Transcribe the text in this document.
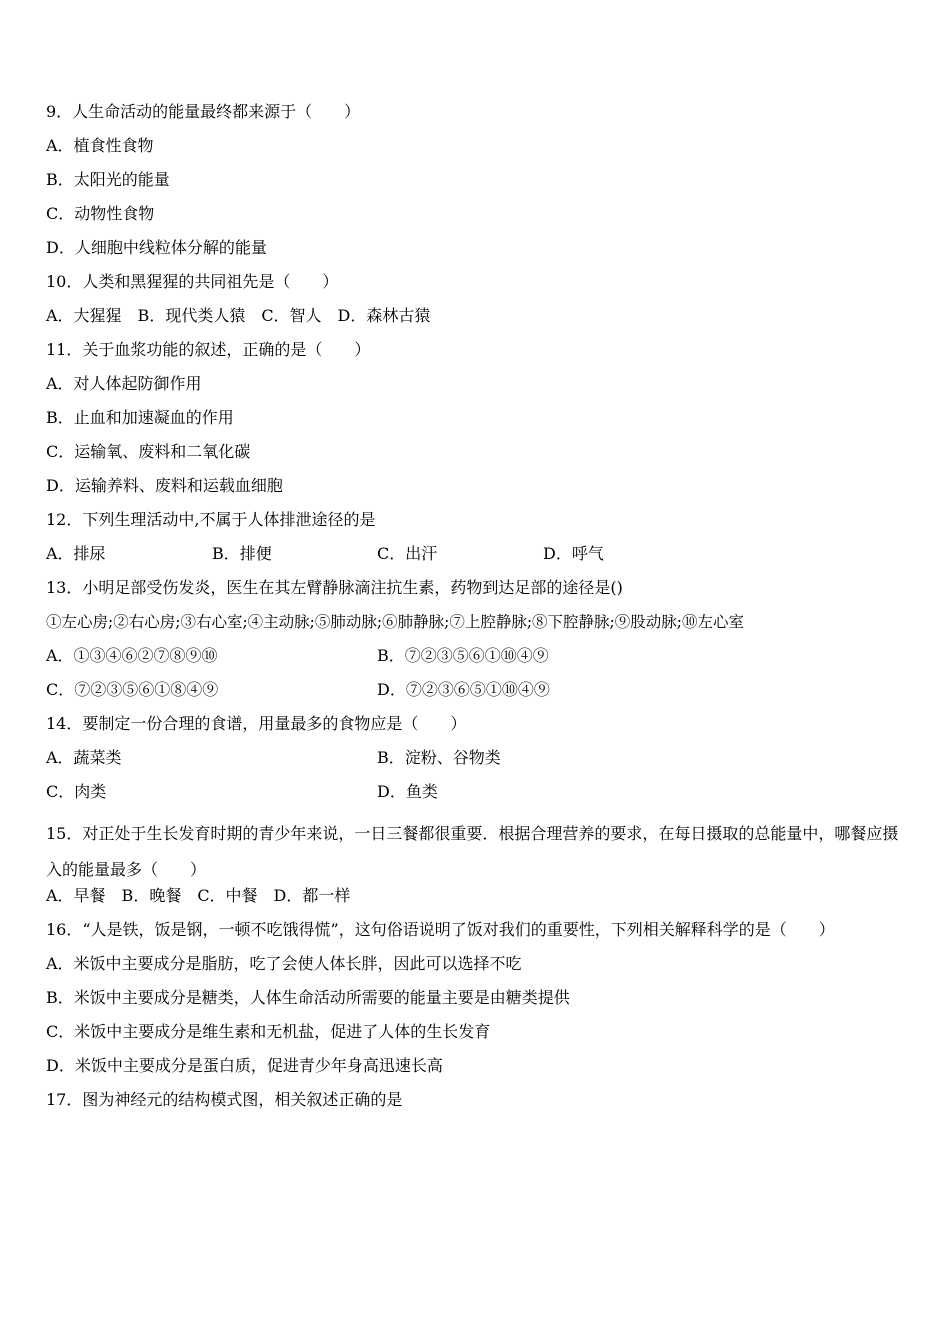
9．人生命活动的能量最终都来源于（　　）
A．植食性食物
B．太阳光的能量
C．动物性食物
D．人细胞中线粒体分解的能量
10．人类和黑猩猩的共同祖先是（　　）
A．大猩猩　B．现代类人猿　C．智人　D．森林古猿
11．关于血浆功能的叙述，正确的是（　　）
A．对人体起防御作用
B．止血和加速凝血的作用
C．运输氧、废料和二氧化碳
D．运输养料、废料和运载血细胞
12．下列生理活动中,不属于人体排泄途径的是
A．排尿	B．排便	C．出汗	D．呼气
13．小明足部受伤发炎，医生在其左臂静脉滴注抗生素，药物到达足部的途径是()
①左心房;②右心房;③右心室;④主动脉;⑤肺动脉;⑥肺静脉;⑦上腔静脉;⑧下腔静脉;⑨股动脉;⑩左心室
A．①③④⑥②⑦⑧⑨⑩	B．⑦②③⑤⑥①⑩④⑨
C．⑦②③⑤⑥①⑧④⑨	D．⑦②③⑥⑤①⑩④⑨
14．要制定一份合理的食谱，用量最多的食物应是（　　）
A．蔬菜类	B．淀粉、谷物类
C．肉类	D．鱼类
15．对正处于生长发育时期的青少年来说，一日三餐都很重要．根据合理营养的要求，在每日摄取的总能量中，哪餐应摄入的能量最多（　　）
A．早餐　B．晚餐　C．中餐　D．都一样
16．“人是铁，饭是钢，一顿不吃饿得慌”，这句俗语说明了饭对我们的重要性，下列相关解释科学的是（　　）
A．米饭中主要成分是脂肪，吃了会使人体长胖，因此可以选择不吃
B．米饭中主要成分是糖类，人体生命活动所需要的能量主要是由糖类提供
C．米饭中主要成分是维生素和无机盐，促进了人体的生长发育
D．米饭中主要成分是蛋白质，促进青少年身高迅速长高
17．图为神经元的结构模式图，相关叙述正确的是
